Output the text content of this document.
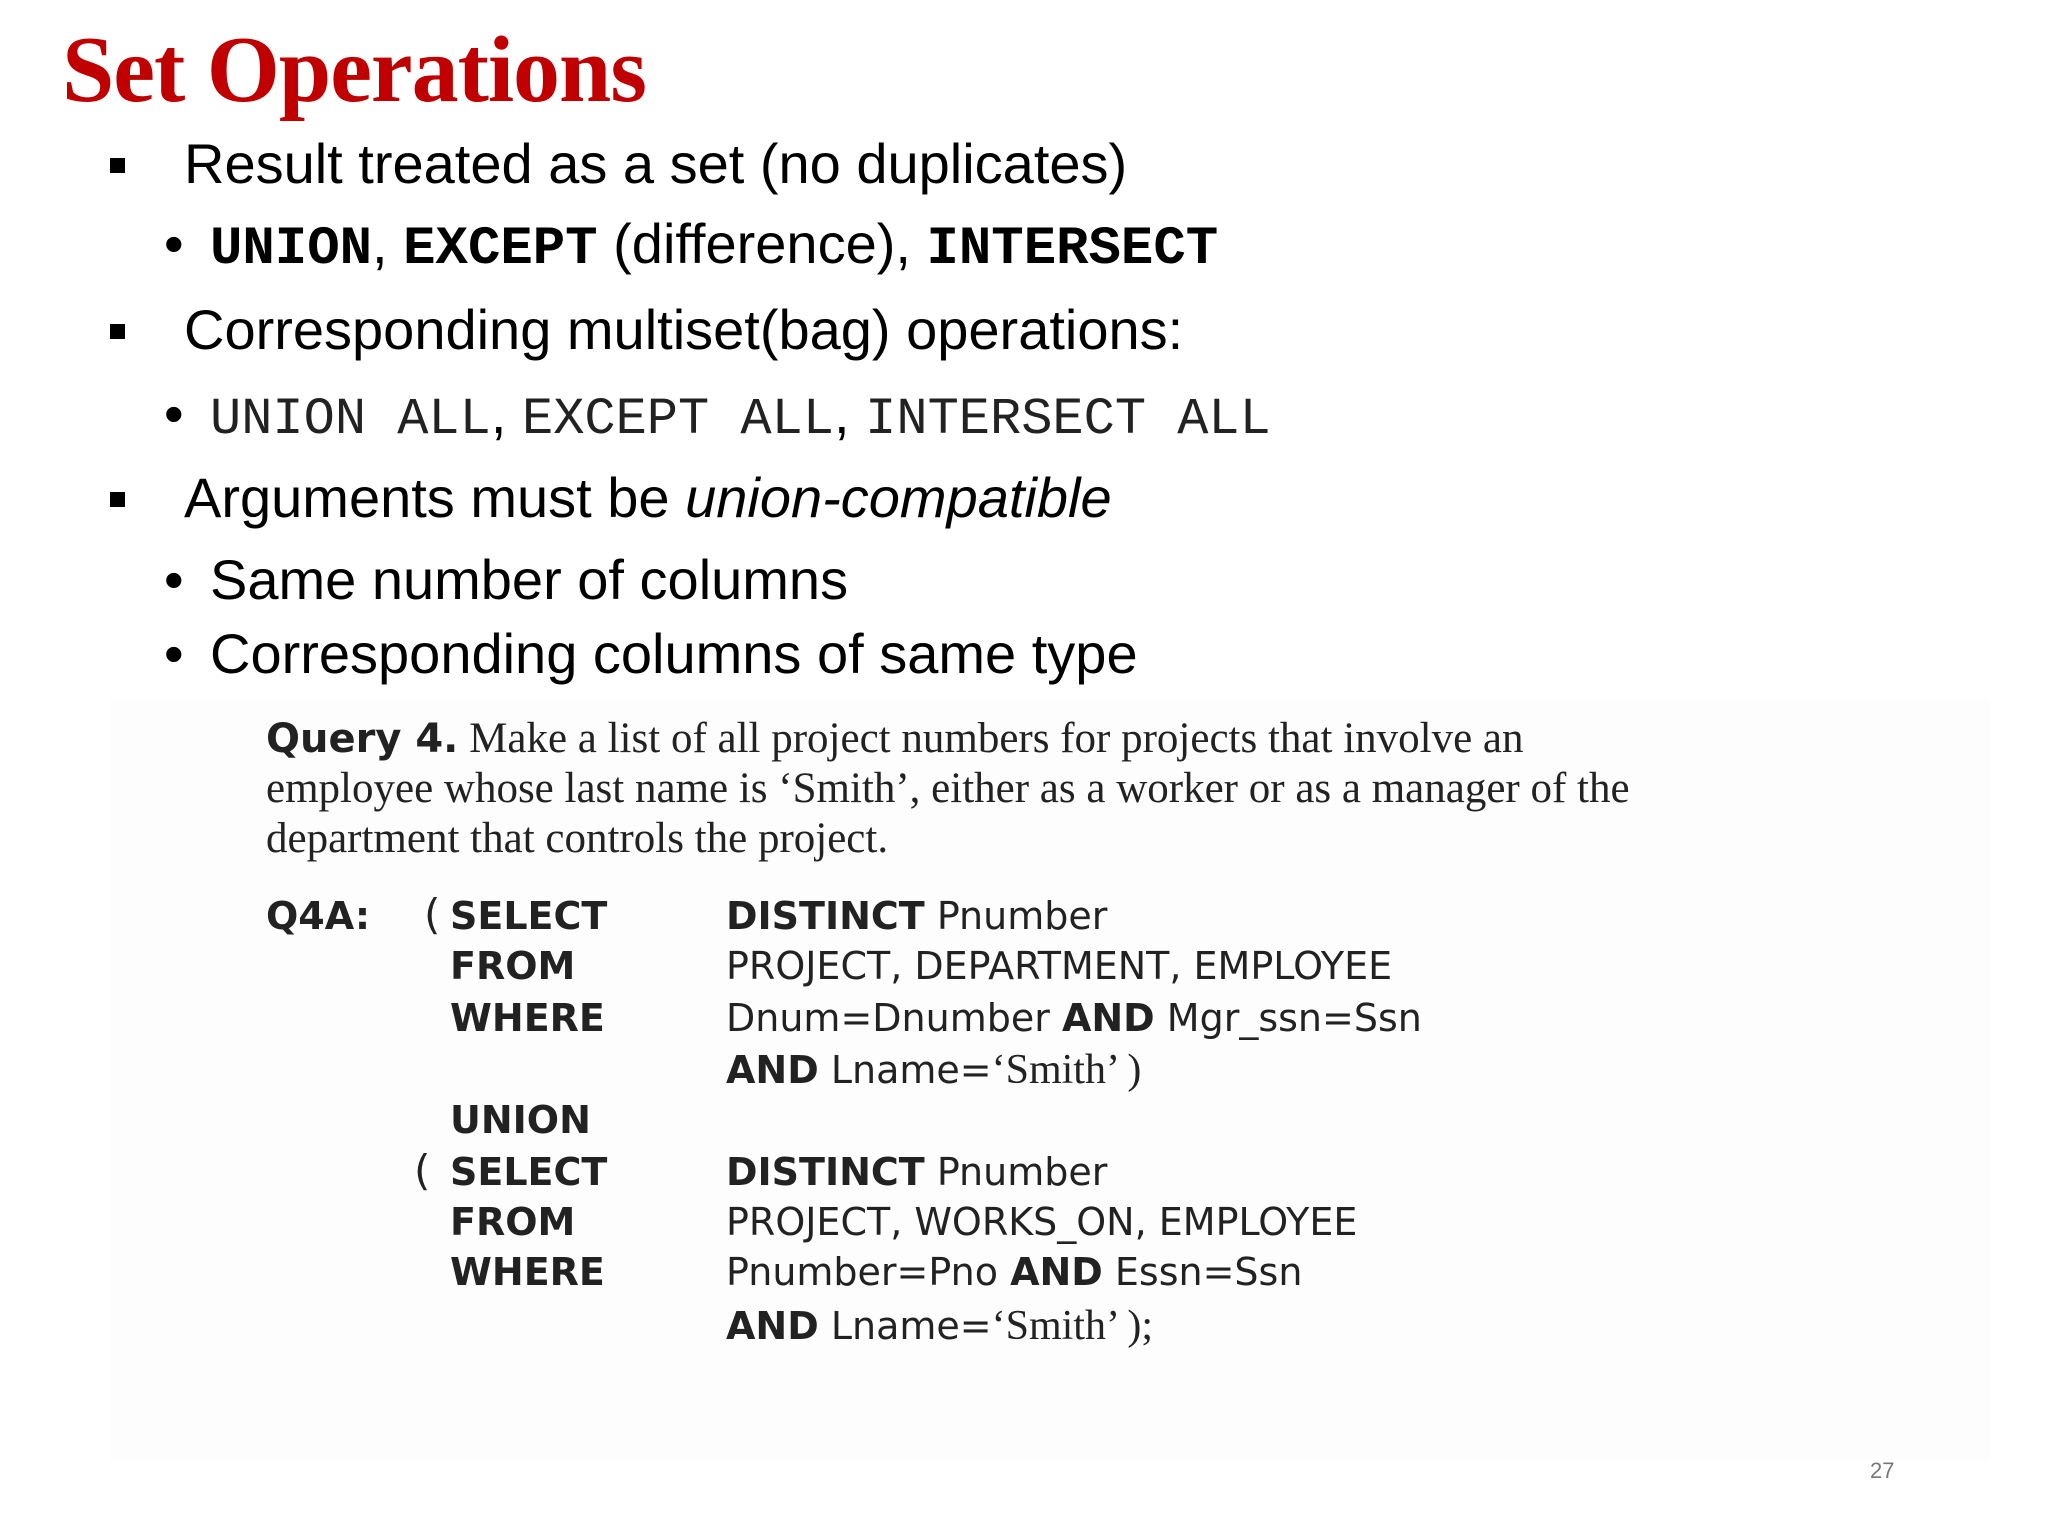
Set Operations
Result treated as a set (no duplicates)
• UNION, EXCEPT (difference), INTERSECT
Corresponding multiset(bag) operations:
• UNION ALL, EXCEPT ALL, INTERSECT ALL
Arguments must be union-compatible
• Same number of columns
• Corresponding columns of same type
Query 4. Make a list of all project numbers for projects that involve an
employee whose last name is ‘Smith’, either as a worker or as a manager of the
department that controls the project.
Q4A: ( SELECT	DISTINCT Pnumber
FROM	PROJECT, DEPARTMENT, EMPLOYEE
WHERE	Dnum=Dnumber AND Mgr_ssn=Ssn
AND Lname=‘Smith’ )
UNION
( SELECT	DISTINCT Pnumber
FROM	PROJECT, WORKS_ON, EMPLOYEE
WHERE	Pnumber=Pno AND Essn=Ssn
AND Lname=‘Smith’ );
27
